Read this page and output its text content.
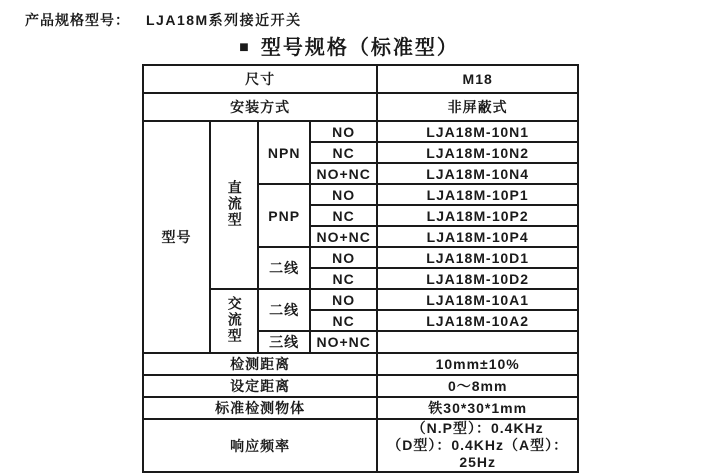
产品规格型号： LJA18M系列接近开关
■ 型号规格（标准型）
尺寸				M18
安装方式				非屏蔽式
型号	直流型	NPN	NO	LJA18M-10N1
			NC	LJA18M-10N2
			NO+NC	LJA18M-10N4
		PNP	NO	LJA18M-10P1
			NC	LJA18M-10P2
			NO+NC	LJA18M-10P4
		二线	NO	LJA18M-10D1
			NC	LJA18M-10D2
	交流型	二线	NO	LJA18M-10A1
			NC	LJA18M-10A2
		三线	NO+NC	
检测距离				10mm±10%
设定距离				0～8mm
标准检测物体				铁30*30*1mm
响应频率				（N.P型）：0.4KHz
（D型）：0.4KHz（A型）：25Hz
